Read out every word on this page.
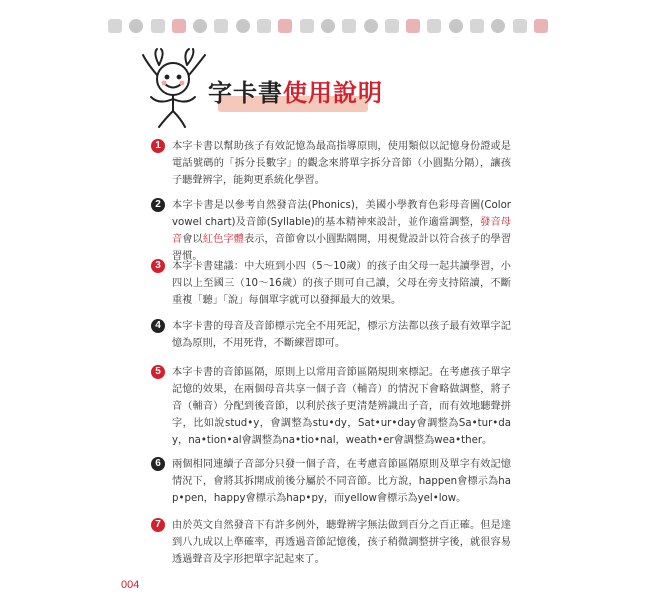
字卡書使用說明
1	本字卡書以幫助孩子有效記憶為最高指導原則，使用類似以記憶身份證或是電話號碼的「拆分長數字」的觀念來將單字拆分音節（小圓點分隔），讓孩子聽聲辨字，能夠更系統化學習。

2	本字卡書是以參考自然發音法(Phonics)，美國小學教育色彩母音圖(Color vowel chart)及音節(Syllable)的基本精神來設計，並作適當調整，發音母音會以紅色字體表示，音節會以小圓點隔開，用視覺設計以符合孩子的學習習慣。

3	本字卡書建議：中大班到小四（5～10歲）的孩子由父母一起共讀學習，小四以上至國三（10～16歲）的孩子則可自己讀，父母在旁支持陪讀，不斷重複「聽」「說」每個單字就可以發揮最大的效果。

4	本字卡書的母音及音節標示完全不用死記，標示方法都以孩子最有效單字記憶為原則，不用死背，不斷練習即可。

5	本字卡書的音節區隔，原則上以常用音節區隔規則來標記。在考慮孩子單字記憶的效果，在兩個母音共享一個子音（輔音）的情況下會略做調整，將子音（輔音）分配到後音節，以利於孩子更清楚辨識出子音，而有效地聽聲拼字，比如說stud•y，會調整為stu•dy，Sat•ur•day會調整為Sa•tur•day，na•tion•al會調整為na•tio•nal，weath•er會調整為wea•ther。

6	兩個相同連續子音部分只發一個子音，在考慮音節區隔原則及單字有效記憶情況下，會將其拆開成前後分屬於不同音節。比方說，happen會標示為hap•pen，happy會標示為hap•py，而yellow會標示為yel•low。

7	由於英文自然發音下有許多例外，聽聲辨字無法做到百分之百正確。但是達到八九成以上準確率，再透過音節記憶後，孩子稍微調整拼字後，就很容易透過聲音及字形把單字記起來了。

004
